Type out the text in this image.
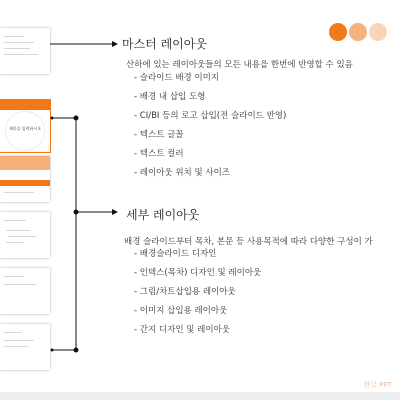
제목을 입력하시오
마스터 레이아웃
산하에 있는 레이아웃들의 모든 내용을 한번에 반영할 수 있음
- 슬라이드 배경 이미지
- 배경 내 삽입 도형
- CI/BI 등의 로고 삽입(전 슬라이드 반영)
- 텍스트 글꼴
- 텍스트 컬러
- 레이아웃 위치 및 사이즈
세부 레이아웃
배경 슬라이드부터 목차, 본문 등 사용목적에 따라 다양한 구성이 가
- 배경슬라이드 디자인
- 인덱스(목차) 디자인 및 레이아웃
- 그림/차트삽입용 레이아웃
- 이미지 삽입용 레이아웃
- 간지 디자인 및 레이아웃
한글 PPT
